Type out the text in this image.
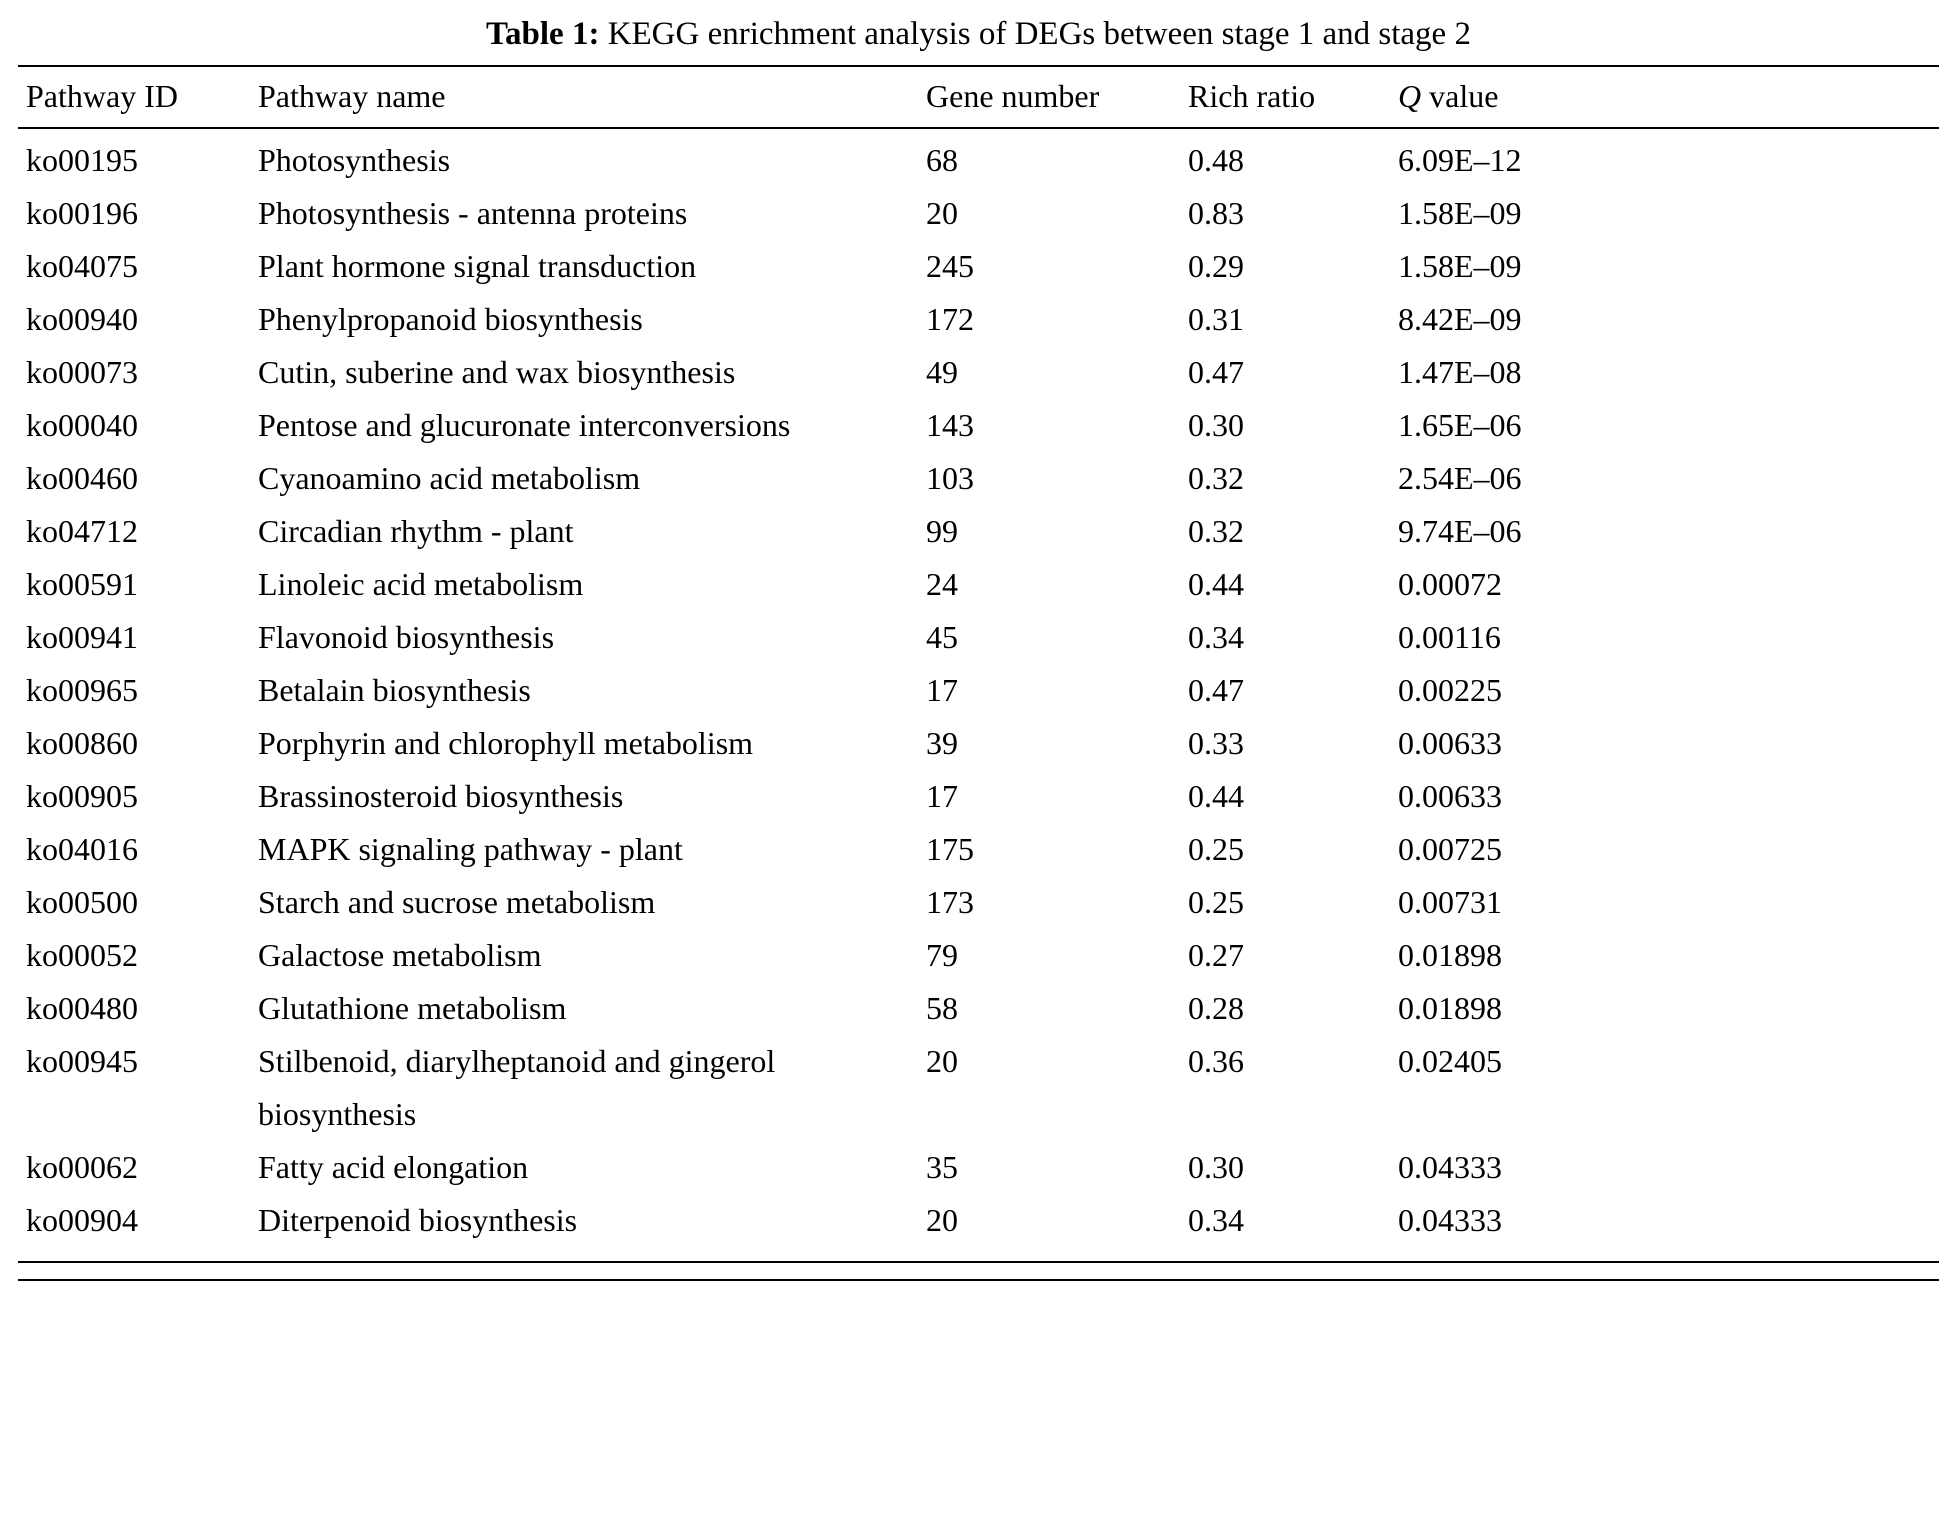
Table 1: KEGG enrichment analysis of DEGs between stage 1 and stage 2
Pathway ID	Pathway name	Gene number	Rich ratio	Q value
ko00195	Photosynthesis	68	0.48	6.09E–12
ko00196	Photosynthesis - antenna proteins	20	0.83	1.58E–09
ko04075	Plant hormone signal transduction	245	0.29	1.58E–09
ko00940	Phenylpropanoid biosynthesis	172	0.31	8.42E–09
ko00073	Cutin, suberine and wax biosynthesis	49	0.47	1.47E–08
ko00040	Pentose and glucuronate interconversions	143	0.30	1.65E–06
ko00460	Cyanoamino acid metabolism	103	0.32	2.54E–06
ko04712	Circadian rhythm - plant	99	0.32	9.74E–06
ko00591	Linoleic acid metabolism	24	0.44	0.00072
ko00941	Flavonoid biosynthesis	45	0.34	0.00116
ko00965	Betalain biosynthesis	17	0.47	0.00225
ko00860	Porphyrin and chlorophyll metabolism	39	0.33	0.00633
ko00905	Brassinosteroid biosynthesis	17	0.44	0.00633
ko04016	MAPK signaling pathway - plant	175	0.25	0.00725
ko00500	Starch and sucrose metabolism	173	0.25	0.00731
ko00052	Galactose metabolism	79	0.27	0.01898
ko00480	Glutathione metabolism	58	0.28	0.01898
ko00945	Stilbenoid, diarylheptanoid and gingerol biosynthesis	20	0.36	0.02405
ko00062	Fatty acid elongation	35	0.30	0.04333
ko00904	Diterpenoid biosynthesis	20	0.34	0.04333
